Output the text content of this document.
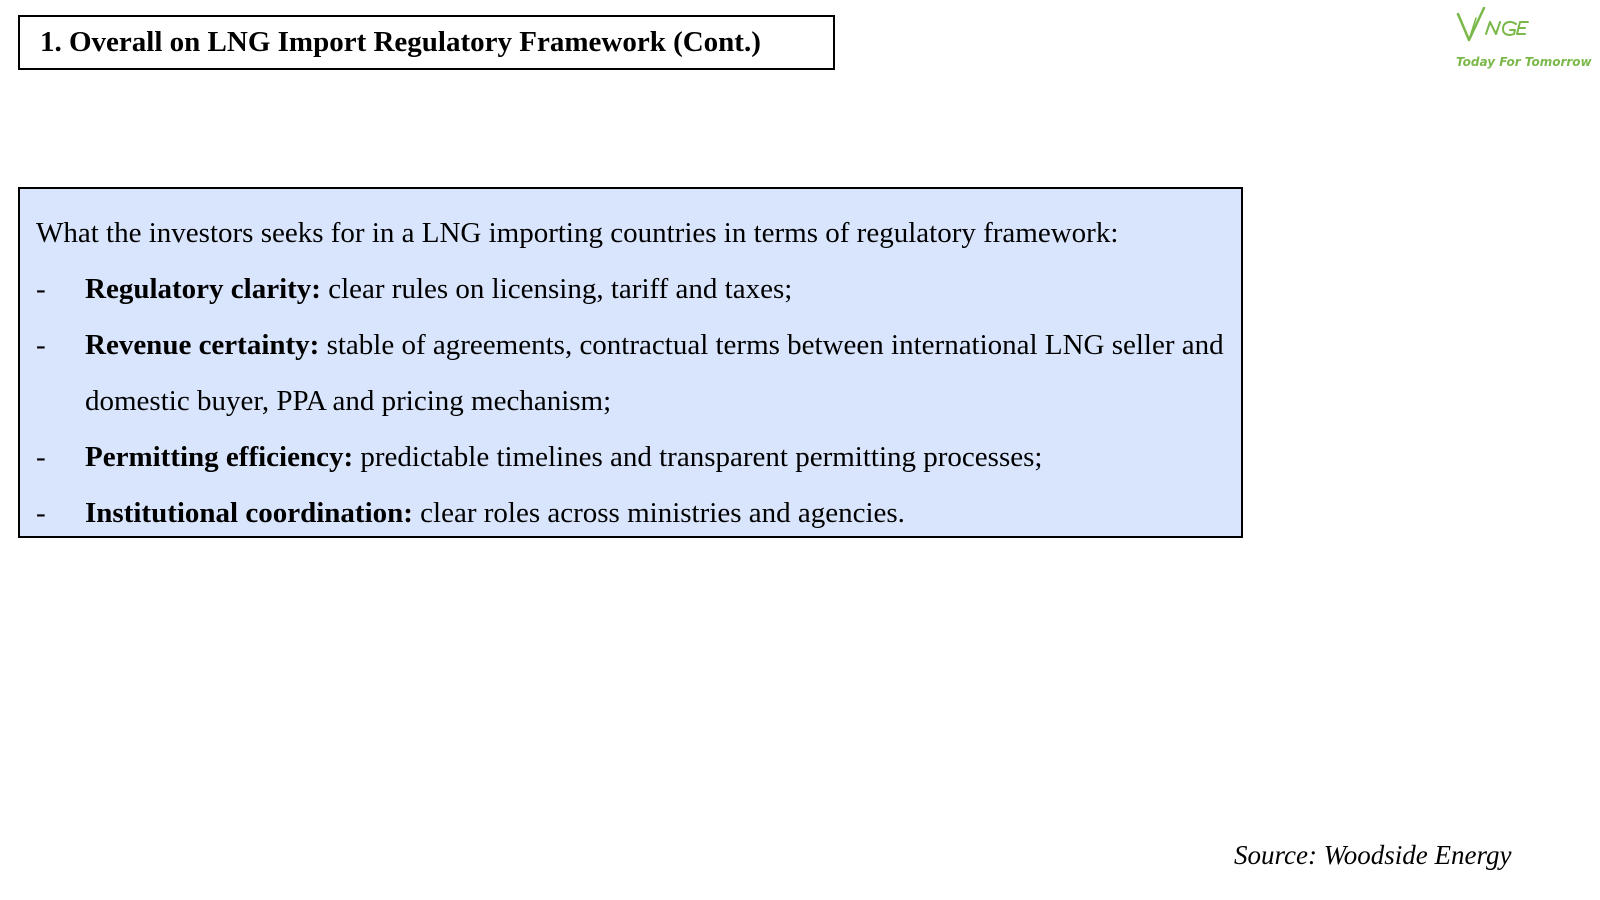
1. Overall on LNG Import Regulatory Framework (Cont.)
Today For Tomorrow
What the investors seeks for in a LNG importing countries in terms of regulatory framework:
-	Regulatory clarity: clear rules on licensing, tariff and taxes;
-	Revenue certainty: stable of agreements, contractual terms between international LNG seller and domestic buyer, PPA and pricing mechanism;
-	Permitting efficiency: predictable timelines and transparent permitting processes;
-	Institutional coordination: clear roles across ministries and agencies.
Source: Woodside Energy
